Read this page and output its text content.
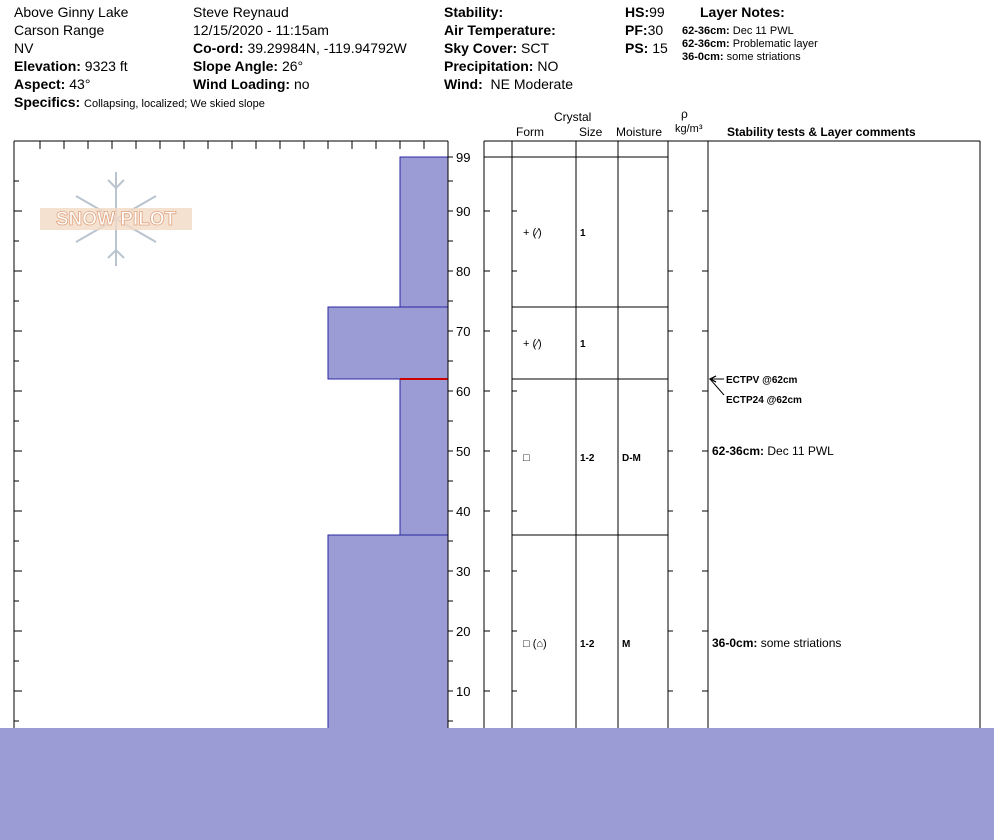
Above Ginny Lake
Carson Range
NV
Elevation: 9323 ft
Aspect: 43°
Specifics: Collapsing, localized; We skied slope
Steve Reynaud
12/15/2020 - 11:15am
Co-ord: 39.29984N, -119.94792W
Slope Angle: 26°
Wind Loading: no
Stability:
Air Temperature:
Sky Cover: SCT
Precipitation: NO
Wind: NE Moderate
HS:99
PF:30
PS: 15
Layer Notes:
62-36cm: Dec 11 PWL
62-36cm: Problematic layer
36-0cm: some striations
Crystal
Form	Size Moisture
ρ
kg/m³ Stability tests & Layer comments
SNOW PILOT
10
20
30
40
50
60
70
80
90
99
+ (⁄)	1
+ (⁄)	1
□	1-2	D-M
□ (⌂)	1-2	M
ECTPV @62cm
ECTP24 @62cm
62-36cm: Dec 11 PWL
36-0cm: some striations
